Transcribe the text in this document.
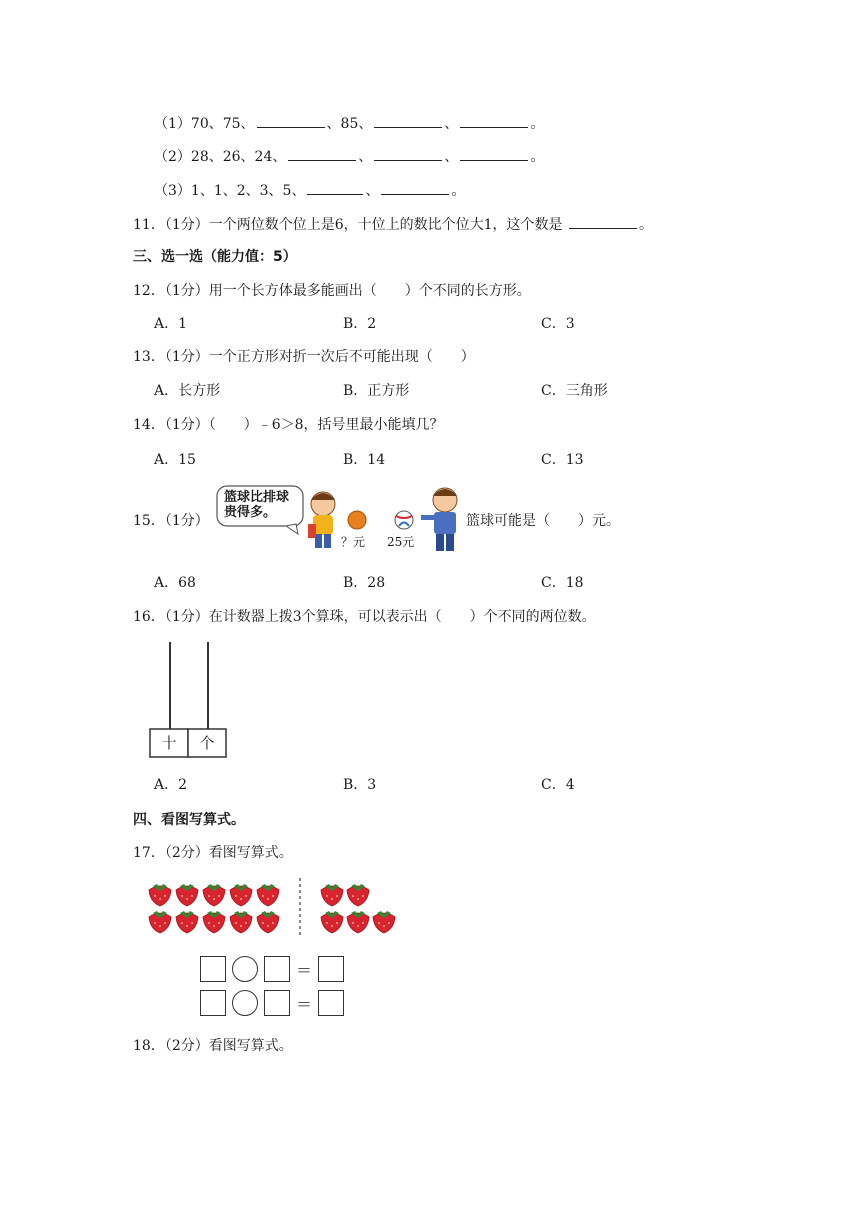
（1）70、75、	、85、	、	。
（2）28、26、24、	、	、	。
（3）1、1、2、3、5、	、	。
11．（1分）一个两位数个位上是6，十位上的数比个位大1，这个数是	。
三、选一选（能力值：5）
12．（1分）用一个长方体最多能画出（　　）个不同的长方形。
A．1	B．2	C．3
13．（1分）一个正方形对折一次后不可能出现（　　）
A．长方形	B．正方形	C．三角形
14．（1分）（　　）﹣6＞8，括号里最小能填几？
A．15	B．14	C．13
15．（1分）
篮球比排球
贵得多。
？元 25元
篮球可能是（　　）元。
A．68	B．28	C．18
16．（1分）在计数器上拨3个算珠，可以表示出（　　）个不同的两位数。
十	个
A．2	B．3	C．4
四、看图写算式。
17．（2分）看图写算式。
＝
＝
18．（2分）看图写算式。
